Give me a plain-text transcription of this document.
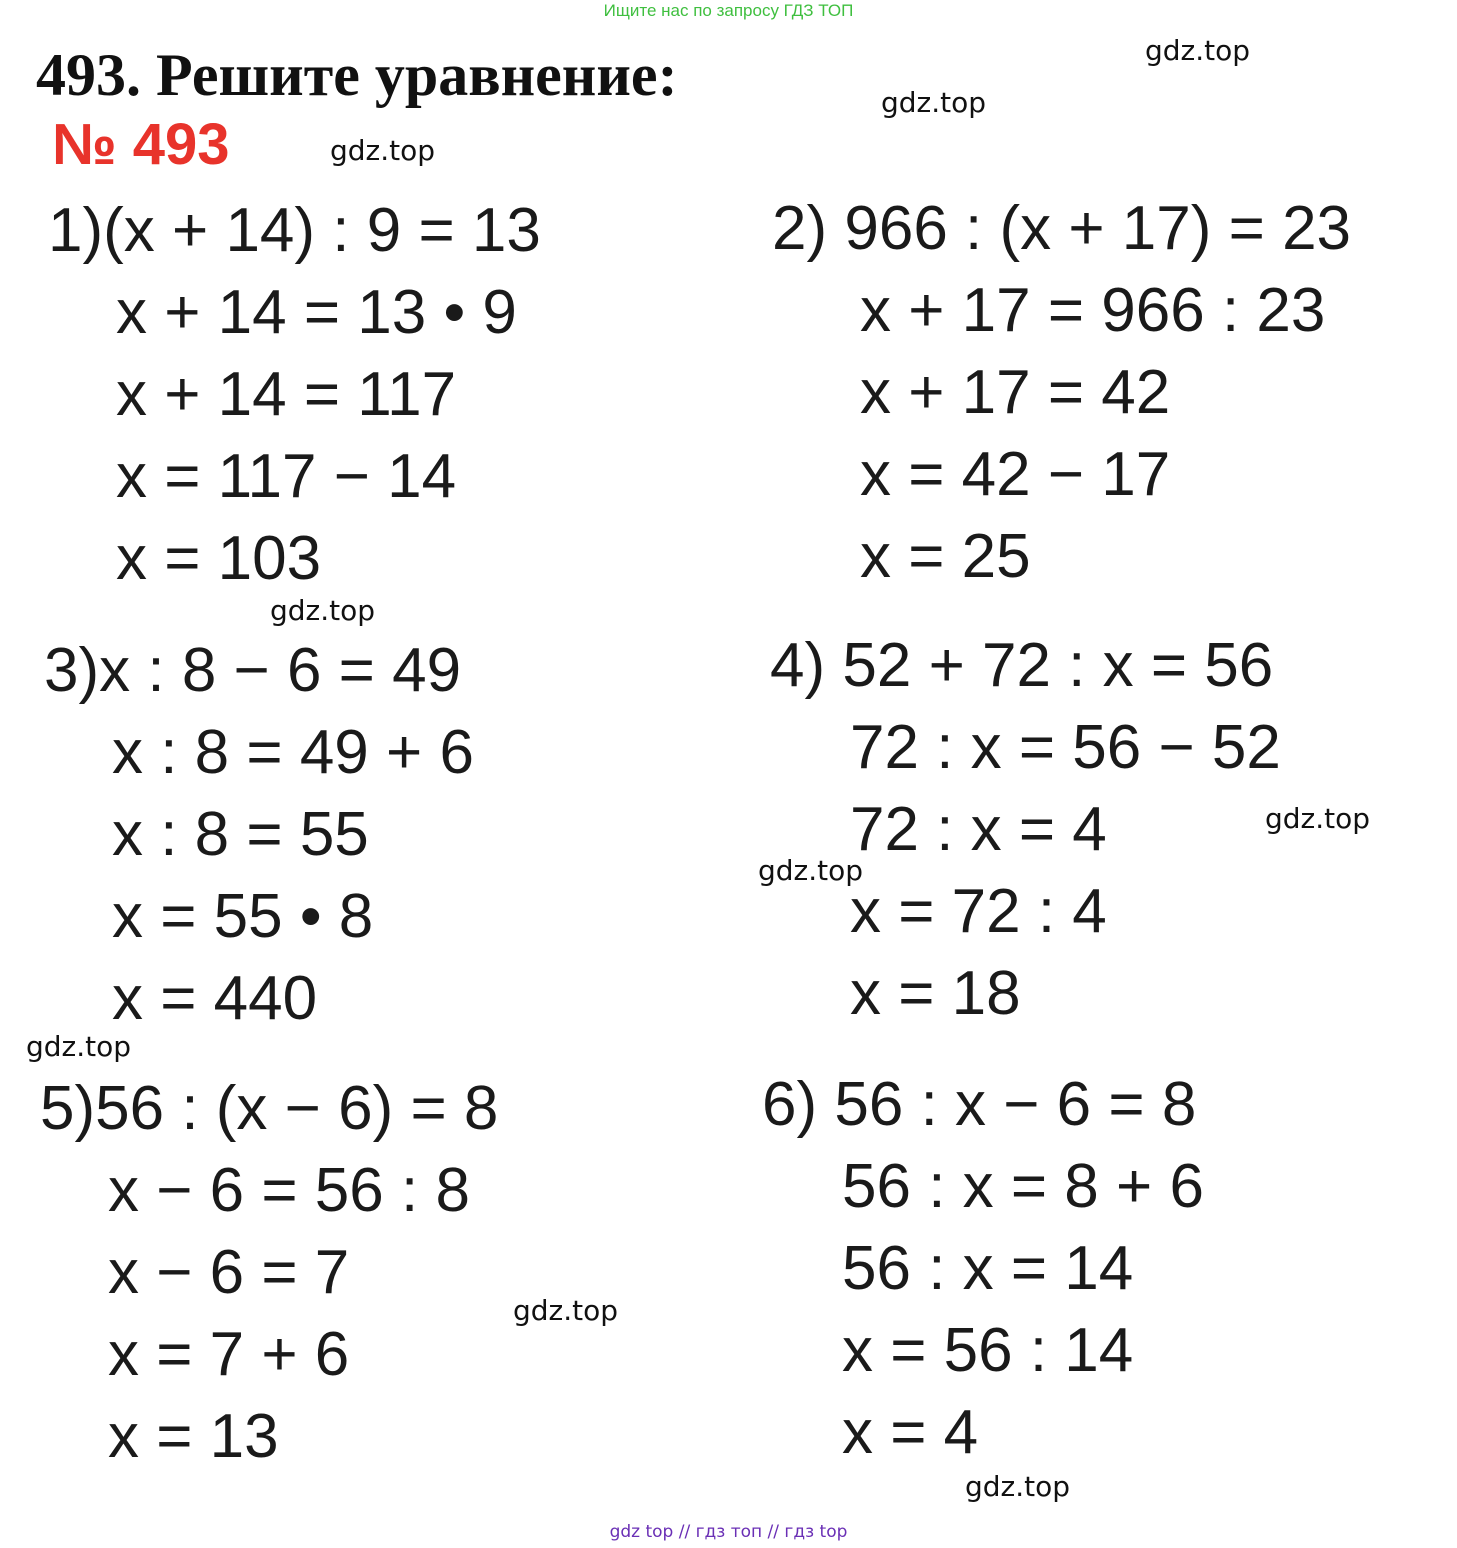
Ищите нас по запросу ГДЗ ТОП
493. Решите уравнение:
№ 493
gdz.top
gdz.top
gdz.top
gdz.top
gdz.top
gdz.top
gdz.top
gdz.top
gdz.top
1)(x + 14) : 9 = 13
x + 14 = 13 • 9
x + 14 = 117
x = 117 − 14
x = 103
2) 966 : (x + 17) = 23
x + 17 = 966 : 23
x + 17 = 42
x = 42 − 17
x = 25
3)x : 8 − 6 = 49
x : 8 = 49 + 6
x : 8 = 55
x = 55 • 8
x = 440
4) 52 + 72 : x = 56
72 : x = 56 − 52
72 : x = 4
x = 72 : 4
x = 18
5)56 : (x − 6) = 8
x − 6 = 56 : 8
x − 6 = 7
x = 7 + 6
x = 13
6) 56 : x − 6 = 8
56 : x = 8 + 6
56 : x = 14
x = 56 : 14
x = 4
gdz top // гдз топ // гдз top
